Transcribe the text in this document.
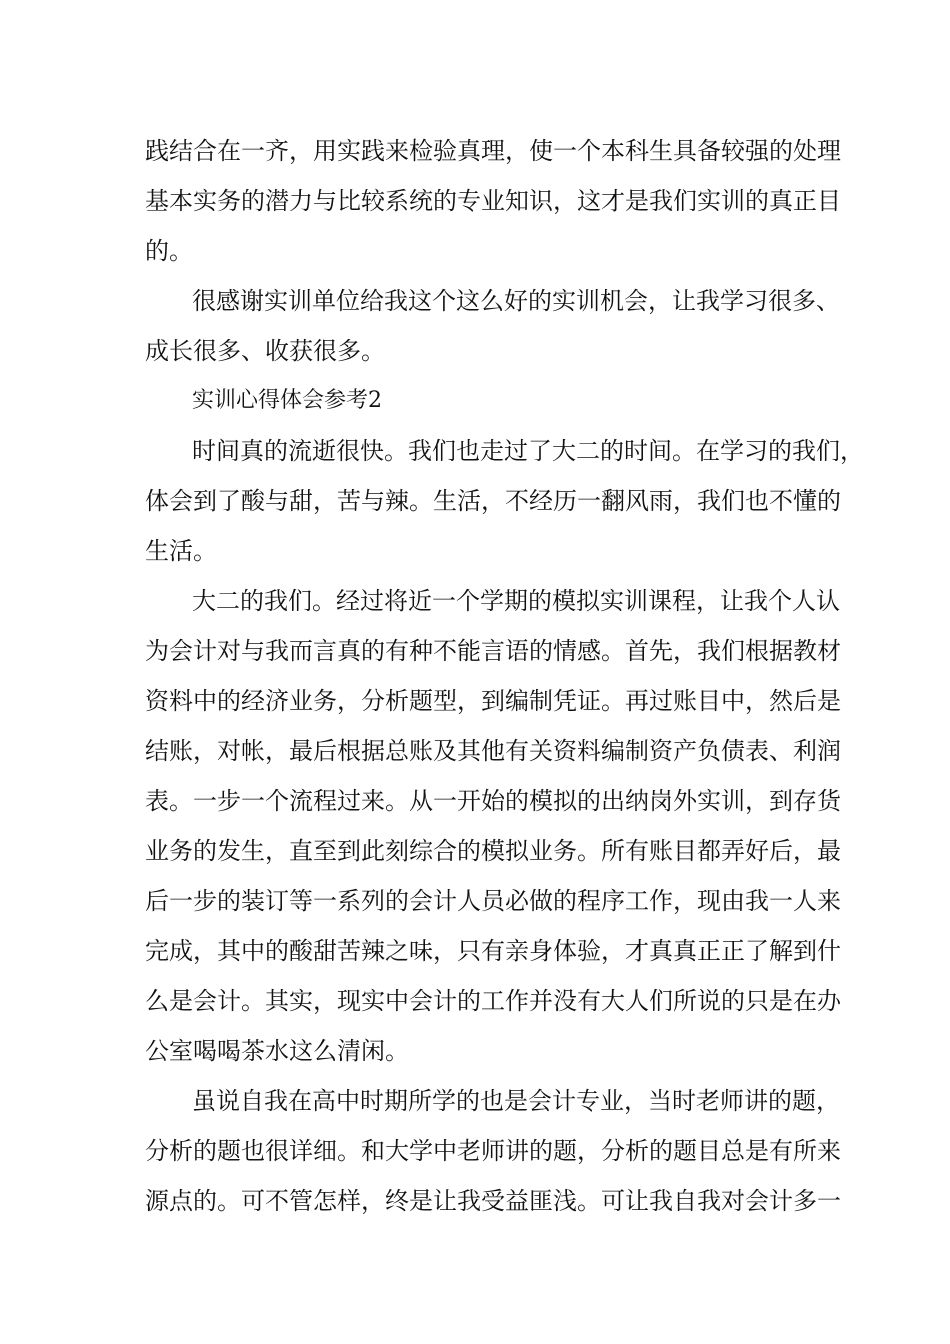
践结合在一齐，用实践来检验真理，使一个本科生具备较强的处理
基本实务的潜力与比较系统的专业知识，这才是我们实训的真正目
的。
很感谢实训单位给我这个这么好的实训机会，让我学习很多、
成长很多、收获很多。
实训心得体会参考2
时间真的流逝很快。我们也走过了大二的时间。在学习的我们，
体会到了酸与甜，苦与辣。生活，不经历一翻风雨，我们也不懂的
生活。
大二的我们。经过将近一个学期的模拟实训课程，让我个人认
为会计对与我而言真的有种不能言语的情感。首先，我们根据教材
资料中的经济业务，分析题型，到编制凭证。再过账目中，然后是
结账，对帐，最后根据总账及其他有关资料编制资产负债表、利润
表。一步一个流程过来。从一开始的模拟的出纳岗外实训，到存货
业务的发生，直至到此刻综合的模拟业务。所有账目都弄好后，最
后一步的装订等一系列的会计人员必做的程序工作，现由我一人来
完成，其中的酸甜苦辣之味，只有亲身体验，才真真正正了解到什
么是会计。其实，现实中会计的工作并没有大人们所说的只是在办
公室喝喝茶水这么清闲。
虽说自我在高中时期所学的也是会计专业，当时老师讲的题，
分析的题也很详细。和大学中老师讲的题，分析的题目总是有所来
源点的。可不管怎样，终是让我受益匪浅。可让我自我对会计多一
